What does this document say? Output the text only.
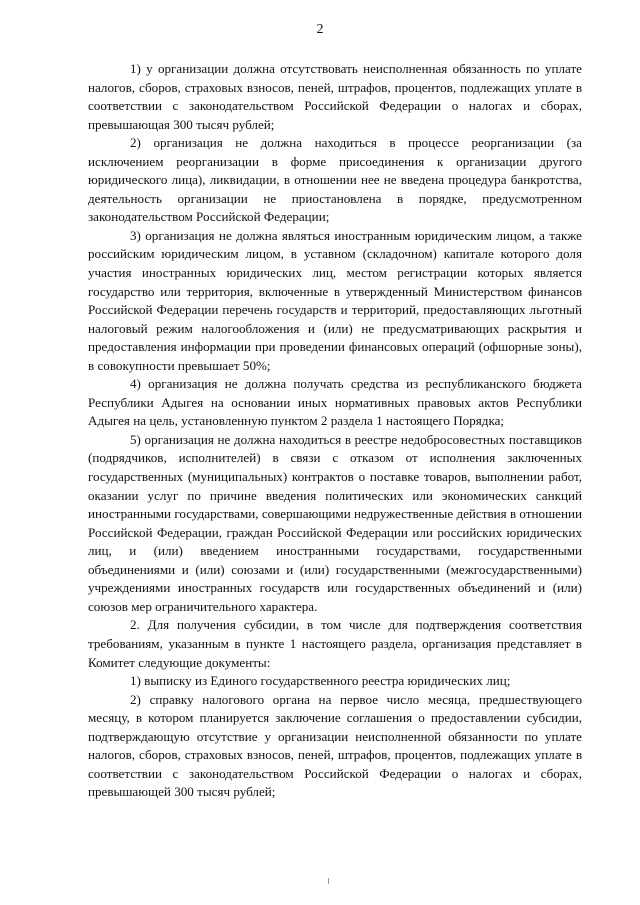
2

1) у организации должна отсутствовать неисполненная обязанность по уплате налогов, сборов, страховых взносов, пеней, штрафов, процентов, подлежащих уплате в соответствии с законодательством Российской Федерации о налогах и сборах, превышающая 300 тысяч рублей;

2) организация не должна находиться в процессе реорганизации (за исключением реорганизации в форме присоединения к организации другого юридического лица), ликвидации, в отношении нее не введена процедура банкротства, деятельность организации не приостановлена в порядке, предусмотренном законодательством Российской Федерации;

3) организация не должна являться иностранным юридическим лицом, а также российским юридическим лицом, в уставном (складочном) капитале которого доля участия иностранных юридических лиц, местом регистрации которых является государство или территория, включенные в утвержденный Министерством финансов Российской Федерации перечень государств и территорий, предоставляющих льготный налоговый режим налогообложения и (или) не предусматривающих раскрытия и предоставления информации при проведении финансовых операций (офшорные зоны), в совокупности превышает 50%;

4) организация не должна получать средства из республиканского бюджета Республики Адыгея на основании иных нормативных правовых актов Республики Адыгея на цель, установленную пунктом 2 раздела 1 настоящего Порядка;

5) организация не должна находиться в реестре недобросовестных поставщиков (подрядчиков, исполнителей) в связи с отказом от исполнения заключенных государственных (муниципальных) контрактов о поставке товаров, выполнении работ, оказании услуг по причине введения политических или экономических санкций иностранными государствами, совершающими недружественные действия в отношении Российской Федерации, граждан Российской Федерации или российских юридических лиц, и (или) введением иностранными государствами, государственными объединениями и (или) союзами и (или) государственными (межгосударственными) учреждениями иностранных государств или государственных объединений и (или) союзов мер ограничительного характера.

2. Для получения субсидии, в том числе для подтверждения соответствия требованиям, указанным в пункте 1 настоящего раздела, организация представляет в Комитет следующие документы:

1) выписку из Единого государственного реестра юридических лиц;

2) справку налогового органа на первое число месяца, предшествующего месяцу, в котором планируется заключение соглашения о предоставлении субсидии, подтверждающую отсутствие у организации неисполненной обязанности по уплате налогов, сборов, страховых взносов, пеней, штрафов, процентов, подлежащих уплате в соответствии с законодательством Российской Федерации о налогах и сборах, превышающей 300 тысяч рублей;
